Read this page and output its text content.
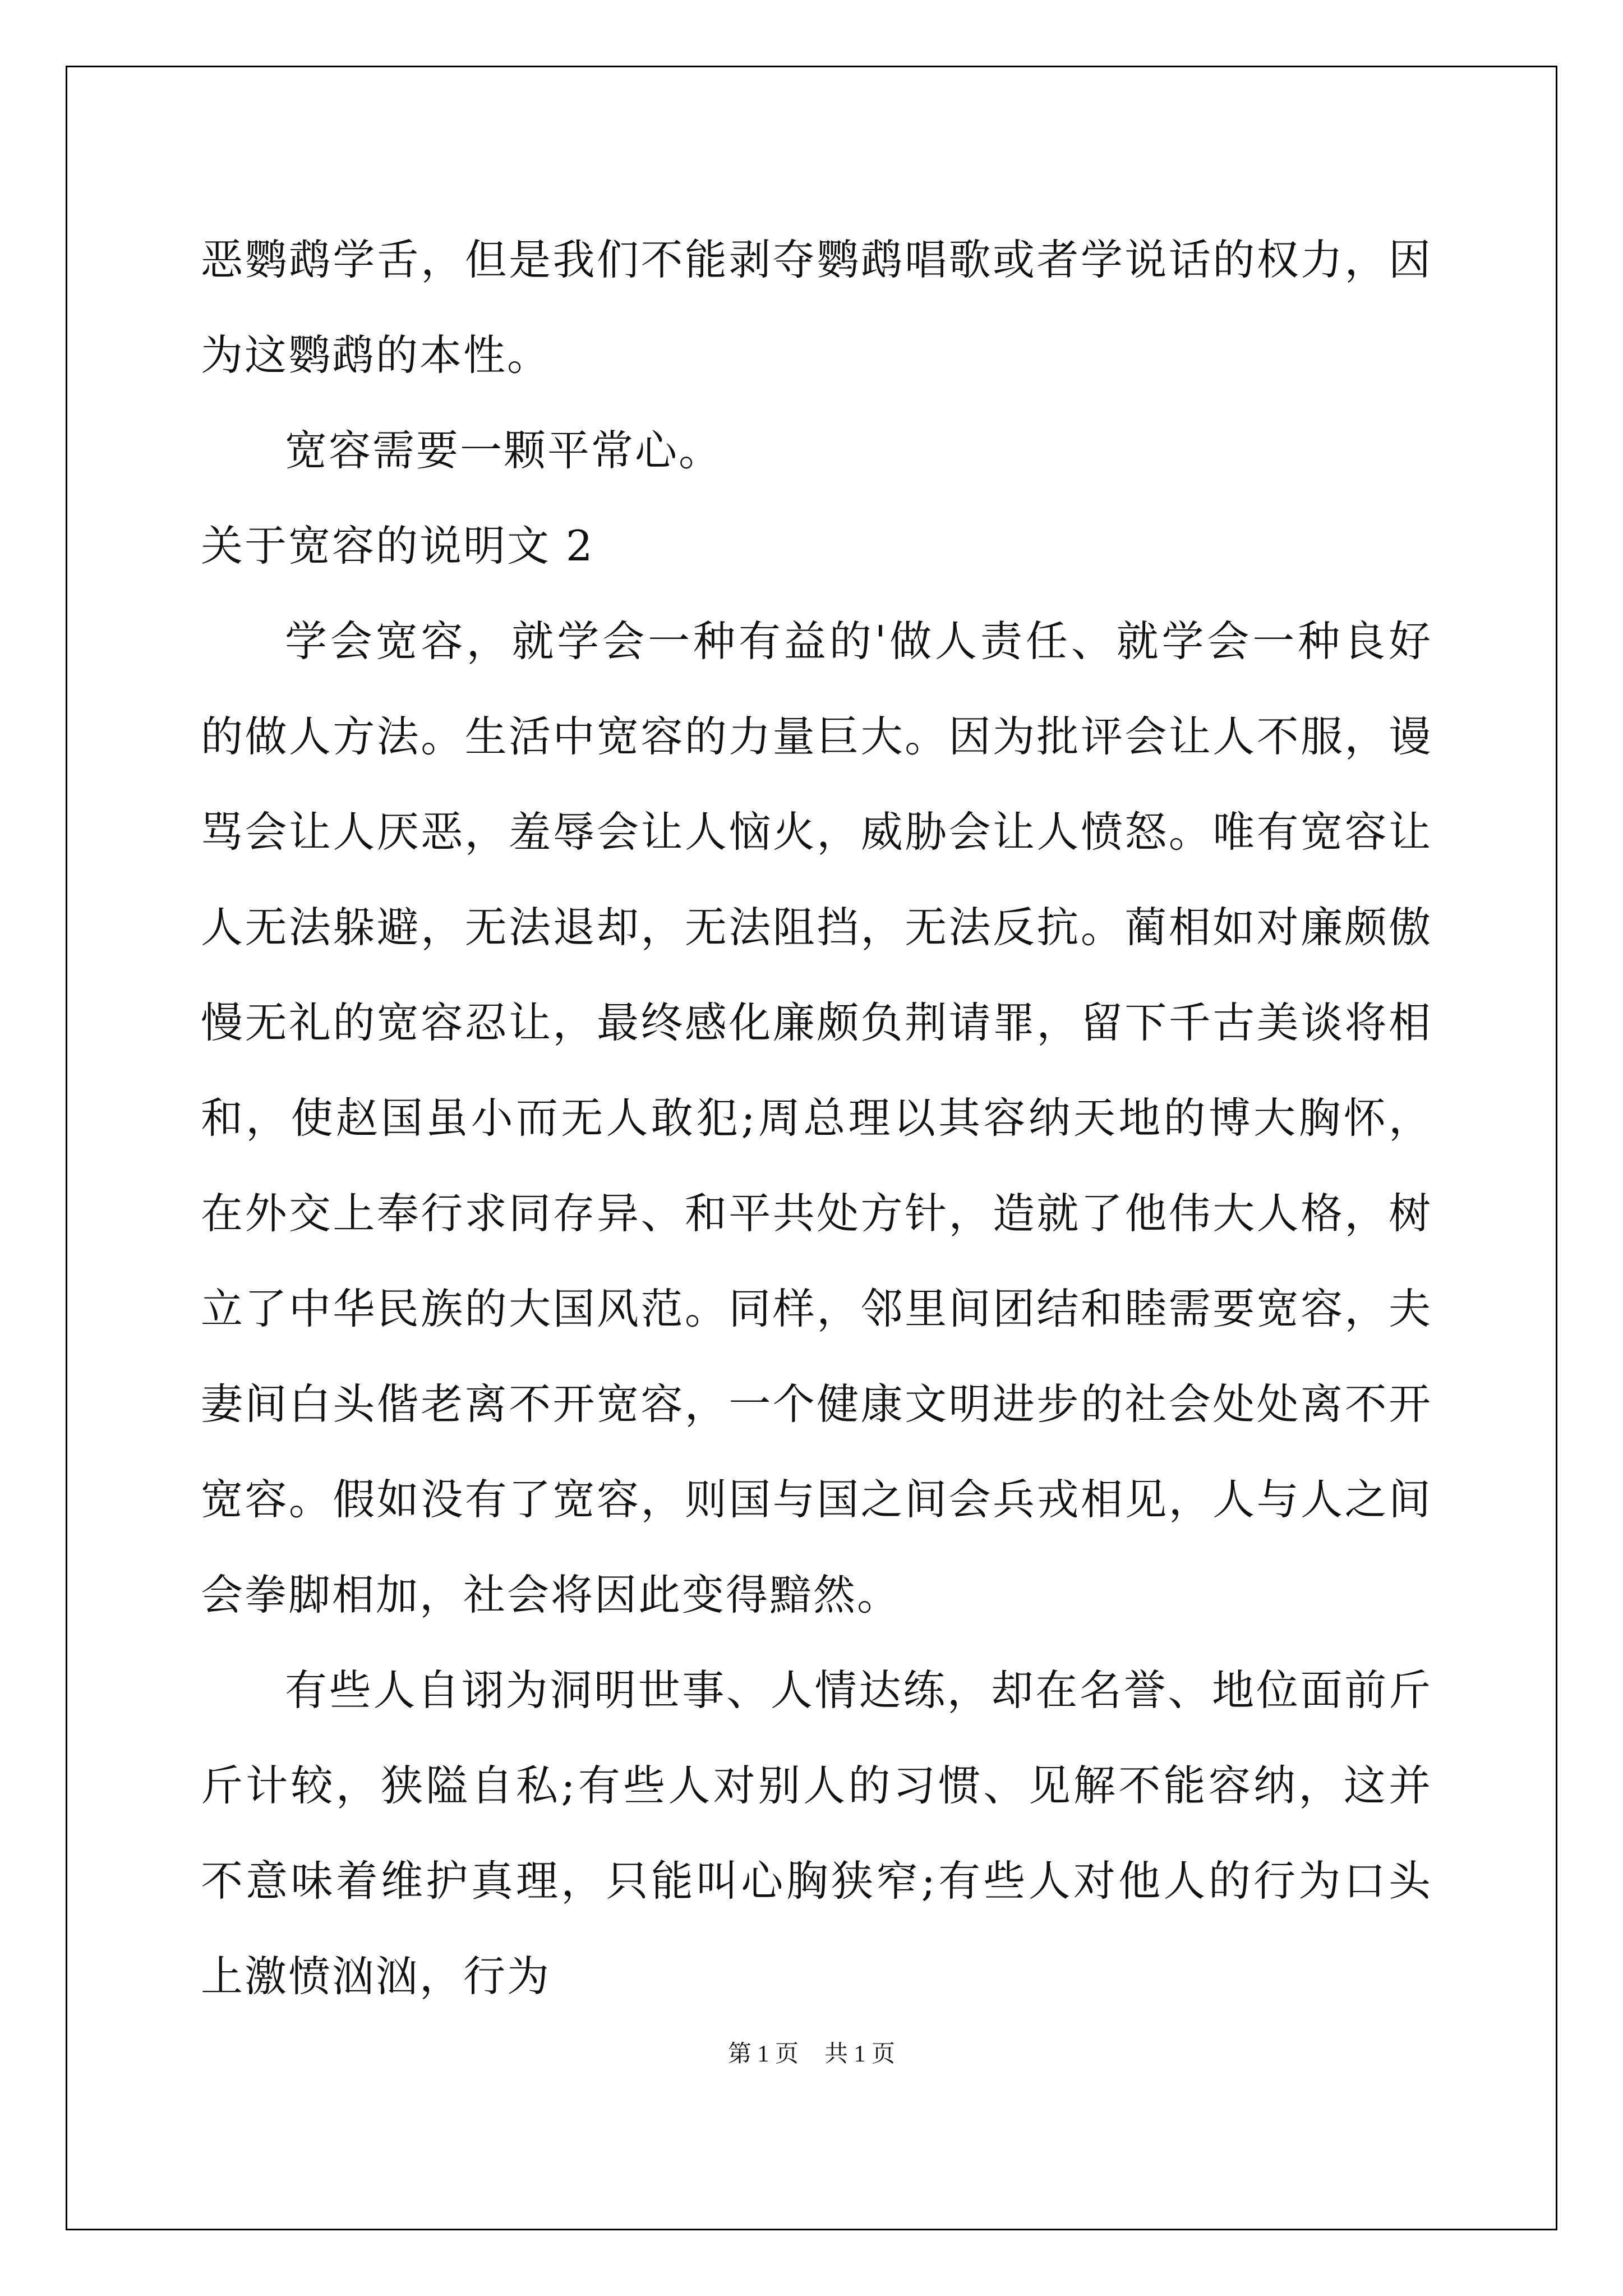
恶鹦鹉学舌，但是我们不能剥夺鹦鹉唱歌或者学说话的权力，因为这鹦鹉的本性。

宽容需要一颗平常心。

关于宽容的说明文 2

学会宽容，就学会一种有益的'做人责任、就学会一种良好的做人方法。生活中宽容的力量巨大。因为批评会让人不服，谩骂会让人厌恶，羞辱会让人恼火，威胁会让人愤怒。唯有宽容让人无法躲避，无法退却，无法阻挡，无法反抗。蔺相如对廉颇傲慢无礼的宽容忍让，最终感化廉颇负荆请罪，留下千古美谈将相和，使赵国虽小而无人敢犯;周总理以其容纳天地的博大胸怀，在外交上奉行求同存异、和平共处方针，造就了他伟大人格，树立了中华民族的大国风范。同样，邻里间团结和睦需要宽容，夫妻间白头偕老离不开宽容，一个健康文明进步的社会处处离不开宽容。假如没有了宽容，则国与国之间会兵戎相见，人与人之间会拳脚相加，社会将因此变得黯然。

有些人自诩为洞明世事、人情达练，却在名誉、地位面前斤斤计较，狭隘自私;有些人对别人的习惯、见解不能容纳，这并不意味着维护真理，只能叫心胸狭窄;有些人对他人的行为口头上激愤汹汹，行为

第 1 页 共 1 页
